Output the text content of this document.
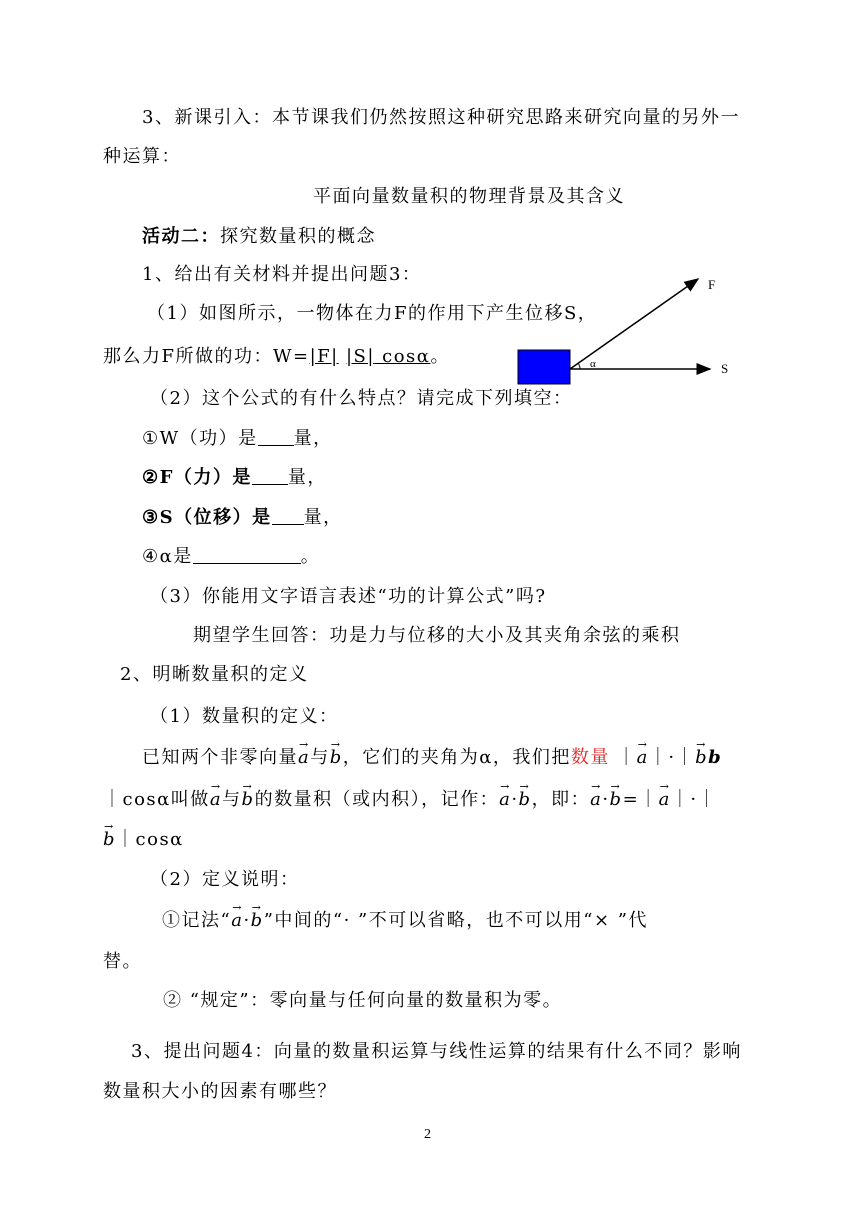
3、新课引入：本节课我们仍然按照这种研究思路来研究向量的另外一
种运算：
平面向量数量积的物理背景及其含义
活动二：探究数量积的概念
1、给出有关材料并提出问题3：
（1）如图所示，一物体在力F的作用下产生位移S，
那么力F所做的功：W=|F| |S| cosα。
F
S
α
（2）这个公式的有什么特点？请完成下列填空：
①W（功）是 量，
②F（力）是 量，
③S（位移）是 量，
④α是	。
（3）你能用文字语言表述“功的计算公式”吗?
期望学生回答：功是力与位移的大小及其夹角余弦的乘积
2、明晰数量积的定义
（1）数量积的定义：
已知两个非零向量→ a与→ b，它们的夹角为α，我们把数量 ｜→ a｜·｜→ bb
｜cosα叫做→ a与→ b的数量积（或内积），记作：→ a·→ b，即：→ a·→ b=｜→ a｜·｜
→ b｜cosα
（2）定义说明：
①记法“→ a·→ b”中间的“· ”不可以省略，也不可以用“× ”代
替。
② “规定”：零向量与任何向量的数量积为零。
3、提出问题4：向量的数量积运算与线性运算的结果有什么不同？影响
数量积大小的因素有哪些？
2
